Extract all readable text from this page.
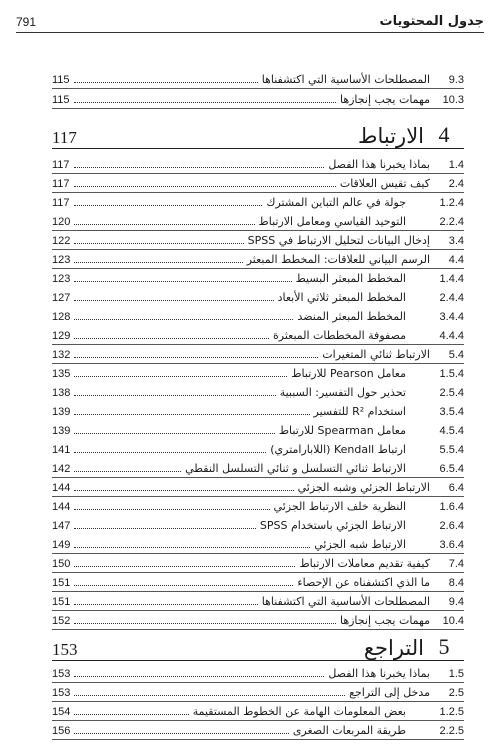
791	جدول المحتويات
115	المصطلحات الأساسية التي اكتشفناها	9.3
115	مهمات يجب إنجازها	10.3
117	الارتباط 4
117	بماذا يخبرنا هذا الفصل	1.4
117	كيف تقيس العلاقات	2.4
117	جولة في عالم التباين المشترك	1.2.4
120	التوحيد القياسي ومعامل الارتباط	2.2.4
122	إدخال البيانات لتحليل الارتباط في SPSS	3.4
123	الرسم البياني للعلاقات: المخطط المبعثر	4.4
123	المخطط المبعثر البسيط	1.4.4
127	المخطط المبعثر ثلاثي الأبعاد	2.4.4
128	المخطط المبعثر المنضد	3.4.4
129	مصفوفة المخططات المبعثرة	4.4.4
132	الارتباط ثنائي المتغيرات	5.4
135	معامل Pearson للارتباط	1.5.4
138	تحذير حول التفسير: السببية	2.5.4
139	استخدام R² للتفسير	3.5.4
139	معامل Spearman للارتباط	4.5.4
141	ارتباط Kendall (اللابارامتري)	5.5.4
142	الارتباط ثنائي التسلسل و ثنائي التسلسل النقطي	6.5.4
144	الارتباط الجزئي وشبه الجزئي	6.4
144	النظرية خلف الارتباط الجزئي	1.6.4
147	الارتباط الجزئي باستخدام SPSS	2.6.4
149	الارتباط شبه الجزئي	3.6.4
150	كيفية تقديم معاملات الارتباط	7.4
151	ما الذي اكتشفناه عن الإحصاء	8.4
151	المصطلحات الأساسية التي اكتشفناها	9.4
152	مهمات يجب إنجازها	10.4
153	التراجع 5
153	بماذا يخبرنا هذا الفصل	1.5
153	مدخل إلى التراجع	2.5
154	بعض المعلومات الهامة عن الخطوط المستقيمة	1.2.5
156	طريقة المربعات الصغرى	2.2.5
